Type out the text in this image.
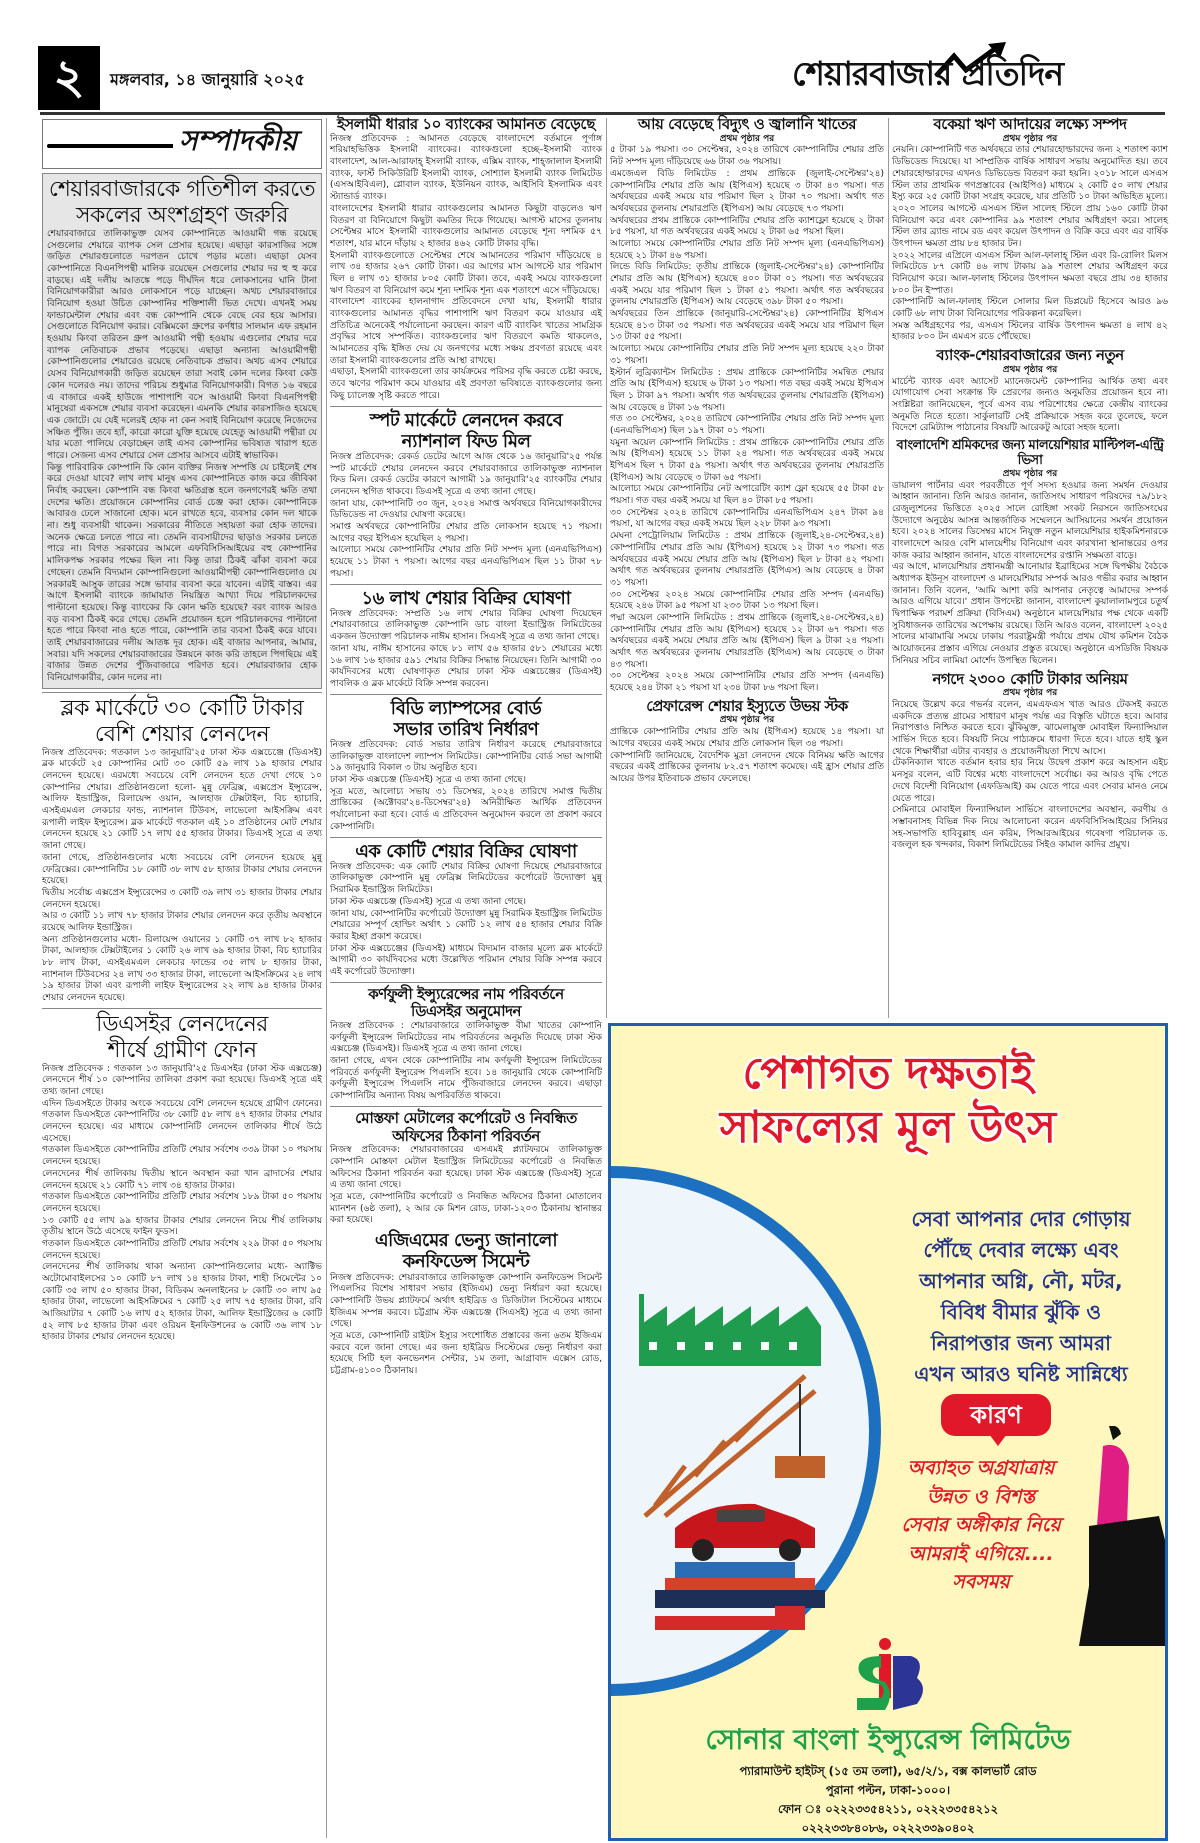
২	মঙ্গলবার, ১৪ জানুয়ারি ২০২৫	শেয়ারবাজার প্রতিদিন
সম্পাদকীয়
শেয়ারবাজারকে গতিশীল করতে
সকলের অংশগ্রহণ জরুরি

শেয়ারবাজারে তালিকাভুক্ত যেসব কোম্পানিতে আওয়ামী গন্ধ রয়েছে সেগুলোর শেয়ারে ব্যাপক সেল প্রেসার হয়েছে। এছাড়া কারসাজির সঙ্গে জড়িত শেয়ারগুলোতে দরপতন চোখে পড়ার মতো। এছাড়া যেসব কোম্পানিতে বিএনপিপন্থী মালিক রয়েছেন সেগুলোর শেয়ার দর হু হু করে বাড়ছে। এই দলীয় আতঙ্কে পড়ে দীর্ঘদিন ধরে লোকসানের ঘানি টানা বিনিয়োগকারীরা আরও লোকসানে পড়ে যাচ্ছেন। অথচ শেয়ারবাজারে বিনিয়োগ হওয়া উচিত কোম্পানির শক্তিশালী ভিত দেখে। এখনই সময় ফান্ডামেন্টাল শেয়ার এবং বন্ধ কোম্পানি থেকে বেছে বের হয়ে আসার। সেগুলোতে বিনিয়োগ করার। বেক্সিমকো গ্রুপের কর্ণধার সালমান এফ রহমান হওয়ায় কিংবা তরিতন গ্রুপ আওয়ামী পন্থী হওয়ায় এগুলোর শেয়ার দরে ব্যাপক নেতিবাচক প্রভাব পড়েছে। এছাড়া অন্যান্য আওয়ামীপন্থী কোম্পানিগুলোর শেয়ারেও রয়েছে নেতিবাচক প্রভাব। অথচ এসব শেয়ারে যেসব বিনিয়োগকারী জড়িত রয়েছেন তারা সবাই কোন দলের কিংবা কেউ কোন দলেরও নয়। তাদের পরিচয় শুধুমাত্র বিনিয়োগকারী। বিগত ১৬ বছরে এ বাজারে একই হাউজে পাশাপাশি বসে আওয়ামী কিংবা বিএনপিপন্থী মানুষেরা একসঙ্গে শেয়ার ব্যবসা করেছেন। এমনকি শেয়ার কারসাজিও হয়েছে এক জোটে। যে যেই দলেরই হোক না কেন সবাই বিনিয়োগ করেছে নিজেদের সঞ্চিত পুঁজি। তবে হ্যাঁ, কারো কারো যুক্তি হয়েছে যেহেতু আওয়ামী পন্থীরা যে যার মতো পালিয়ে বেড়াচ্ছেন তাই এসব কোম্পানির ভবিষ্যত খারাপ হতে পারে। সেজন্য এসব শেয়ারে সেল প্রেসার আসবে এটাই স্বাভাবিক।

কিন্তু পারিবারিক কোম্পানি কি কোন ব্যক্তির নিজস্ব সম্পত্তি যে চাইলেই শেষ করে দেওয়া যাবে? লাখ লাখ মানুষ এসব কোম্পানিতে কাজ করে জীবিকা নির্বাহ করছেন। কোম্পানি বন্ধ কিংবা ক্ষতিগ্রস্ত হলে জনগণেরই ক্ষতি তথা দেশের ক্ষতি। প্রয়োজনে কোম্পানির বোর্ড চেঞ্জ করা হোক। কোম্পানিকে আবারও ঢেলে সাজানো হোক। মনে রাখতে হবে, ব্যবসার কোন দল থাকে না। শুধু ব্যবসায়ী থাকেন। সরকারের নীতিতে সহায়তা করা হোক তাদের। অনেক ক্ষেত্রে চলতে পারে না। তেমনি ব্যবসায়ীদের ছাড়াও সরকার চলতে পারে না। বিগত সরকারের আমলে এফবিসিসিআইয়ের বহু কোম্পানির মালিকপক্ষ সরকার পক্ষের ছিল না। কিন্তু তারা ঠিকই ঝাঁকা ব্যবসা করে গেছেন। তেমনি বিদ্যমান কোম্পানিগুলো আওয়ামীপন্থী কোম্পানিগুলোও যে সরকারই আসুক তারের সঙ্গে ভাবার ব্যবসা করে যাবেন। এটাই বাস্তব। এর আগে ইসলামী ব্যাংকে জামায়াত নিয়ন্ত্রিত আখ্যা দিয়ে পরিচালকদের পাল্টানো হয়েছে। কিন্তু ব্যাংকের কি কোন ক্ষতি হয়েছে? বরং ব্যাংক আরও বড় ব্যবসা ঠিকই করে গেছে। তেমনি প্রয়োজন হলে পরিচালকদের পাল্টানো হতে পারে কিংবা নাও হতে পারে, কোম্পানি তার ব্যবসা ঠিকই করে যাবে। তাই শেয়ারবাজারের দলীয় আতঙ্ক দূর হোক। এই বাজার আপনার, আমার, সবার। যদি সকলের শেয়ারবাজারের উন্নয়নে কাজ করি তাহলে পিগছিয়ে এই বাজার উন্নত দেশের পুঁজিবাজারে পরিণত হবে। শেয়ারবাজার হোক বিনিয়োগকারীর, কোন দলের না।

ব্লক মার্কেটে ৩০ কোটি টাকার
বেশি শেয়ার লেনদেন

নিজস্ব প্রতিবেদক: গতকাল ১৩ জানুয়ারি'২৫ ঢাকা স্টক এক্সচেঞ্জে (ডিএসই) ব্লক মার্কেটে ২৫ কোম্পানির মোট ৩০ কোটি ৫৯ লাখ ১৯ হাজার শেয়ার লেনদেন হয়েছে। এরমধ্যে সবচেয়ে বেশি লেনদেন হতে দেখা গেছে ১০ কোম্পানির শেয়ার। প্রতিষ্ঠানগুলো হলো- মুন্নু ফেব্রিক্স, এক্সপ্রেস ইন্স্যুরেন্স, আলিফ ইন্ডাস্ট্রিজ, রিলায়েন্স ওয়ান, আলহাজ টেক্সটাইল, বিচ হ্যাচারি, এসইএমএল লেকচার ফান্ড, ন্যাশনাল টিউবস, লাভেলো আইসক্রিম এবং রূপালী লাইফ ইন্স্যুরেন্স। ব্লক মার্কেটে গতকাল এই ১০ প্রতিষ্ঠানের মোট শেয়ার লেনদেন হয়েছে ২১ কোটি ১৭ লাখ ৫৫ হাজার টাকার। ডিএসই সূত্রে এ তথ্য জানা গেছে।

জানা গেছে, প্রতিষ্ঠানগুলোর মধ্যে সবচেয়ে বেশি লেনদেন হয়েছে মুন্নু ফেব্রিক্সের। কোম্পানিটির ১৮ কোটি ৩৮ লাখ ৫৮ হাজার টাকার শেয়ার লেনদেন হয়েছে।

দ্বিতীয় সর্বোচ্চ এক্সপ্রেস ইন্স্যুরেন্সের ৩ কোটি ৩৯ লাখ ৩১ হাজার টাকার শেয়ার লেনদেন হয়েছে।

আর ৩ কোটি ১১ লাখ ৭৮ হাজার টাকার শেয়ার লেনদেন করে তৃতীয় অবস্থানে রয়েছে আলিফ ইন্ডাস্ট্রিজ।

অন্য প্রতিষ্ঠানগুলোর মধ্যে- রিলায়েন্স ওয়ানের ১ কোটি ৩৭ লাখ ৮২ হাজার টাকা, আলহাজ টেক্সটাইলের ১ কোটি ২৬ লাখ ৬৯ হাজার টাকা, বিচ হ্যাচারির ৮৮ লাখ টাকা, এসইএমএল লেকচার ফান্ডের ৩৫ লাখ ৮ হাজার টাকা, ন্যাশনাল টিউবসের ২৪ লাখ ৩৩ হাজার টাকা, লাভেলো আইসক্রিমের ২৪ লাখ ১৯ হাজার টাকা এবং রূপালী লাইফ ইন্স্যুরেন্সের ২২ লাখ ৯৪ হাজার টাকার শেয়ার লেনদেন হয়েছে।

ডিএসইর লেনদেনের
শীর্ষে গ্রামীণ ফোন

নিজস্ব প্রতিবেদক : গতকাল ১৩ জানুয়ারি'২৫ ডিএসইর (ঢাকা স্টক এক্সচেঞ্জ) লেনদেনে শীর্ষ ১০ কোম্পানির তালিকা প্রকাশ করা হয়েছে। ডিএসই সূত্রে এই তথ্য জানা গেছে।

এদিন ডিএসইতে টাকার অংকে সবচেয়ে বেশি লেনদেন হয়েছে গ্রামীণ ফোনের। গতকাল ডিএসইতে কোম্পানিটির ৩৮ কোটি ৫৮ লাখ ৪৭ হাজার টাকার শেয়ার লেনদেন হয়েছে। এর মাধ্যমে কোম্পানিটি লেনদেন তালিকার শীর্ষে উঠে এসেছে।

গতকাল ডিএসইতে কোম্পানিটির প্রতিটি শেয়ার সর্বশেষ ৩৩৯ টাকা ১০ পয়সায় লেনদেন হয়েছে।

লেনদেনের শীর্ষ তালিকায় দ্বিতীয় স্থানে অবস্থান করা খান ব্রাদার্সের শেয়ার লেনদেন হয়েছে ২১ কোটি ৭১ লাখ ৩৪ হাজার টাকার।

গতকাল ডিএসইতে কোম্পানিটির প্রতিটি শেয়ার সর্বশেষ ১৮৯ টাকা ৫০ পয়সায় লেনদেন হয়েছে।

১৩ কোটি ৫৫ লাখ ৯৯ হাজার টাকার শেয়ার লেনদেন নিয়ে শীর্ষ তালিকায় তৃতীয় স্থানে উঠে এসেছে ফাইন ফুডস।

গতকাল ডিএসইতে কোম্পানিটির প্রতিটি শেয়ার সর্বশেষ ২২৯ টাকা ৫০ পয়সায় লেনদেন হয়েছে।

লেনদেনের শীর্ষ তালিকায় থাকা অন্যান্য কোম্পানিগুলোর মধ্যে- অ্যাক্টিভ অটোমোবাইলসের ১০ কোটি ৮৭ লাখ ১৪ হাজার টাকা, শাহী সিমেন্টের ১০ কোটি ৩৫ লাখ ৫০ হাজার টাকা, বিডিকম অনলাইনের ৮ কোটি ৩০ লাখ ৯৫ হাজার টাকা, লাভেলো আইসক্রিমের ৭ কোটি ২৫ লাখ ৭৫ হাজার টাকা, রবি আজিয়াটার ৭ কোটি ১৬ লাখ ৫২ হাজার টাকা, আলিফ ইন্ডাস্ট্রিজের ৬ কোটি ৫২ লাখ ৮৫ হাজার টাকা এবং ওরিয়ন ইনফিউশনের ৬ কোটি ৩৬ লাখ ১৮ হাজার টাকার শেয়ার লেনদেন হয়েছে।

ইসলামী ধারার ১০ ব্যাংকের আমানত বেড়েছে

নিজস্ব প্রতিবেদক : আমানত বেড়েছে বাংলাদেশে বর্তমানে পূর্ণাঙ্গ শরিয়াহভিত্তিক ইসলামী ব্যাংকের। ব্যাংকগুলো হচ্ছে–ইসলামী ব্যাংক বাংলাদেশ, আল-আরাফাহ্ ইসলামী ব্যাংক, এক্সিম ব্যাংক, শাহ্জালাল ইসলামী ব্যাংক, ফার্স্ট সিকিউরিটি ইসলামী ব্যাংক, সোশ্যাল ইসলামী ব্যাংক লিমিটেড (এসআইবিএল), গ্লোবাল ব্যাংক, ইউনিয়ন ব্যাংক, আইসিবি ইসলামিক এবং স্ট্যান্ডার্ড ব্যাংক।

বাংলাদেশের ইসলামী ধারার ব্যাংকগুলোর আমানত কিছুটা বাড়লেও ঋণ বিতরণ বা বিনিয়োগে কিছুটা কমতির দিকে গিয়েছে। আগস্ট মাসের তুলনায় সেপ্টেম্বর মাসে ইসলামী ব্যাংকগুলোর আমানত বেড়েছে শূন্য দশমিক ৫৭ শতাংশ, যার মানে দাঁড়ায় ২ হাজার ৪৬২ কোটি টাকার বৃদ্ধি।

ইসলামী ব্যাংকগুলোতে সেপ্টেম্বর শেষে আমানতের পরিমাণ দাঁড়িয়েছে ৪ লাখ ৩৪ হাজার ২৬৭ কোটি টাকা। এর আগের মাস আগস্টে যার পরিমাণ ছিল ৪ লাখ ৩১ হাজার ৮০৫ কোটি টাকা। তবে, একই সময়ে ব্যাংকগুলো ঋণ বিতরণ বা বিনিয়োগ কমে শূন্য দশমিক শূন্য এক শতাংশে এসে দাঁড়িয়েছে।

বাংলাদেশ ব্যাংকের হালনাগাদ প্রতিবেদনে দেখা যায়, ইসলামী ধারার ব্যাংকগুলোর আমানত বৃদ্ধির পাশাপাশি ঋণ বিতরণ কমে যাওয়ার এই প্রতিচিত্র অনেকেই পর্যালোচনা করছেন। কারণ এটি ব্যাংকিং খাতের সামগ্রিক প্রবৃদ্ধির সাথে সম্পর্কিত। ব্যাংকগুলোর ঋণ বিতরণে কমতি থাকলেও, আমানতের বৃদ্ধি ইঙ্গিত দেয় যে জনগণের মধ্যে সঞ্চয় প্রবণতা রয়েছে এবং তারা ইসলামী ব্যাংকগুলোর প্রতি আস্থা রাখছে।

এছাড়া, ইসলামী ব্যাংকগুলো তার কার্যক্রমের পরিসর বৃদ্ধি করতে চেষ্টা করছে, তবে ঋণের পরিমাণ কমে যাওয়ার এই প্রবণতা ভবিষ্যতে ব্যাংকগুলোর জন্য কিছু চ্যালেঞ্জ সৃষ্টি করতে পারে।

স্পট মার্কেটে লেনদেন করবে
ন্যাশনাল ফিড মিল

নিজস্ব প্রতিবেদক: রেকর্ড ডেটের আগে আজ থেকে ১৬ জানুয়ারি'২৫ পর্যন্ত স্পট মার্কেটে শেয়ার লেনদেন করবে শেয়ারবাজারে তালিকাভুক্ত ন্যাশনাল ফিড মিল। রেকর্ড ডেটের কারণে আগামী ১৯ জানুয়ারি'২৫ ব্যাংকটির শেয়ার লেনদেন স্থগিত থাকবে। ডিএসই সূত্রে এ তথ্য জানা গেছে।

জানা যায়, কোম্পানিটি ৩০ জুন, ২০২৪ সমাপ্ত অর্থবছরে বিনিয়োগকারীদের ডিভিডেন্ড না দেওয়ার ঘোষণা করেছে।

সমাপ্ত অর্থবছরে কোম্পানিটির শেয়ার প্রতি লোকসান হয়েছে ৭১ পয়সা। আগের বছর ইপিএস হয়েছিল ২ পয়সা।

আলোচ্য সময়ে কোম্পানিটির শেয়ার প্রতি নিট সম্পদ মূল্য (এনএভিপিএস) হয়েছে ১১ টাকা ৭ পয়সা। আগের বছর এনএভিপিএস ছিল ১১ টাকা ৭৮ পয়সা।

১৬ লাখ শেয়ার বিক্রির ঘোষণা

নিজস্ব প্রতিবেদক: সম্প্রতি ১৬ লাখ শেয়ার বিক্রির ঘোষণা দিয়েছেন শেয়ারবাজারে তালিকাভুক্ত কোম্পানি ডাচ বাংলা ইন্ডাস্ট্রিজ লিমিটেডের একজন উদ্যোক্তা পরিচালক নাঈম হাসান। সিএসই সূত্রে এ তথ্য জানা গেছে।

জানা যায়, নাঈম হাসানের কাছে ৮১ লাখ ৫৬ হাজার ৫৮১ শেয়ারের মধ্যে ১৬ লাখ ১৬ হাজার ৫৯১ শেয়ার বিক্রির সিদ্ধান্ত নিয়েছেন। তিনি আগামী ৩০ কার্যদিবসের মধ্যে ঘোষণাকৃত শেয়ার ঢাকা স্টক এক্সচেঞ্জের (ডিএসই) পাবলিক ও ব্লক মার্কেটে বিক্রি সম্পন্ন করবেন।

বিডি ল্যাম্পসের বোর্ড
সভার তারিখ নির্ধারণ

নিজস্ব প্রতিবেদক: বোর্ড সভার তারিখ নির্ধারণ করেছে শেয়ারবাজারে তালিকাভুক্ত বাংলাদেশ ল্যাম্পস লিমিটেড। কোম্পানিটির বোর্ড সভা আগামী ১৯ জানুয়ারি বিকাল ৩ টায় অনুষ্ঠিত হবে।

ঢাকা স্টক এক্সচেঞ্জ (ডিএসই) সূত্রে এ তথ্য জানা গেছে।

সূত্র মতে, আলোচ্য সভায় ৩১ ডিসেম্বর, ২০২৪ তারিখে সমাপ্ত দ্বিতীয় প্রান্তিকের (অক্টোবর'২৪-ডিসেম্বর'২৪) অনিরীক্ষিত আর্থিক প্রতিবেদন পর্যালোচনা করা হবে। বোর্ড এ প্রতিবেদন অনুমোদন করলে তা প্রকাশ করবে কোম্পানিটি।

এক কোটি শেয়ার বিক্রির ঘোষণা

নিজস্ব প্রতিবেদক: এক কোটি শেয়ার বিক্রির ঘোষণা দিয়েছে শেয়ারবাজারে তালিকাভুক্ত কোম্পানি মুন্নু ফেব্রিক্স লিমিটেডের কর্পোরেট উদ্যোক্তা মুন্নু সিরামিক ইন্ডাস্ট্রিজ লিমিটেড।

ঢাকা স্টক এক্সচেঞ্জ (ডিএসই) সূত্রে এ তথ্য জানা গেছে।

জানা যায়, কোম্পানিটির কর্পোরেট উদ্যোক্তা মুন্নু সিরামিক ইন্ডাস্ট্রিজ লিমিটেড শেয়ারের সম্পূর্ণ হোল্ডিং অর্থাৎ ১ কোটি ১২ লাখ ৫৪ হাজার শেয়ার বিক্রি করার ইচ্ছা প্রকাশ করেছে।

ঢাকা স্টক এক্সচেঞ্জের (ডিএসই) মাধ্যমে বিদ্যমান বাজার মূল্যে ব্লক মার্কেটে আগামী ৩০ কার্যদিবসের মধ্যে উল্লেখিত পরিমান শেয়ার বিক্রি সম্পন্ন করবে এই কর্পোরেট উদ্যোক্তা।

কর্ণফুলী ইন্স্যুরেন্সের নাম পরিবর্তনে
ডিএসইর অনুমোদন

নিজস্ব প্রতিবেদক : শেয়ারবাজারে তালিকাভুক্ত বীমা খাতের কোম্পানি কর্ণফুলী ইন্স্যুরেন্স লিমিটেডের নাম পরিবর্তনের অনুমতি দিয়েছে ঢাকা স্টক এক্সচেঞ্জ (ডিএসই)। ডিএসই সূত্রে এ তথ্য জানা গেছে।

জানা গেছে, এখন থেকে কোম্পানিটির নাম কর্ণফুলী ইন্স্যুরেন্স লিমিটেডের পরিবর্তে কর্ণফুলী ইন্স্যুরেন্স পিএলসি হবে। ১৪ জানুয়ারি থেকে কোম্পানিটি কর্ণফুলী ইন্স্যুরেন্স পিএলসি নামে পুঁজিবাজারে লেনদেন করবে। এছাড়া কোম্পানিটির অন্যান্য বিষয় অপরিবর্তিত থাকবে।

মোস্তফা মেটালের কর্পোরেট ও নিবন্ধিত
অফিসের ঠিকানা পরিবর্তন

নিজস্ব প্রতিবেদক: শেয়ারবাজারের এসএমই প্ল্যাটফরমে তালিকাভুক্ত কোম্পানি মোস্তফা মেটাল ইন্ডাস্ট্রিজ লিমিটেডের কর্পোরেট ও নিবন্ধিত অফিসের ঠিকানা পরিবর্তন করা হয়েছে। ঢাকা স্টক এক্সচেঞ্জ (ডিএসই) সূত্রে এ তথ্য জানা গেছে।

সূত্র মতে, কোম্পানিটির কর্পোরেট ও নিবন্ধিত অফিসের ঠিকানা মোতালেব ম্যানশন (৬ষ্ঠ তলা), ২ আর কে মিশন রোড, ঢাকা-১২০৩ ঠিকানায় স্থানান্তর করা হয়েছে।

এজিএমের ভেন্যু জানালো
কনফিডেন্স সিমেন্ট

নিজস্ব প্রতিবেদক: শেয়ারবাজারে তালিকাভুক্ত কোম্পানি কনফিডেন্স সিমেন্ট পিএলসির বিশেষ সাধারণ সভার (ইজিএম) ভেন্যু নির্ধারণ করা হয়েছে। কোম্পানিটি উভয় প্ল্যাটফর্মে অর্থাৎ হাইব্রিড ও ডিজিটাল সিস্টেমের মাধ্যমে ইজিএম সম্পন্ন করবে। চট্টগ্রাম স্টক এক্সচেঞ্জ (সিএসই) সূত্রে এ তথ্য জানা গেছে।

সূত্র মতে, কোম্পানিটি রাইটস ইস্যুর সংশোধিত প্রস্তাবের জন্য ৬তম ইজিএম করবে বলে জানা গেছে। এর জন্য হাইব্রিড সিস্টেমের ভেন্যু নির্ধারণ করা হয়েছে সিটি হল কনভেনশন সেন্টার, ১ম তলা, আগ্রাবাদ এক্সেস রোড, চট্টগ্রাম-৪১০০ ঠিকানায়।

আয় বেড়েছে বিদ্যুৎ ও জ্বালানি খাতের
প্রথম পৃষ্ঠার পর

৫ টাকা ১৯ পয়সা। ৩০ সেপ্টেম্বর, ২০২৪ তারিখে কোম্পানিটির শেয়ার প্রতি নিট সম্পদ মূল্য দাঁড়িয়েছে ৬৬ টাকা ৩৬ পয়সায়।

এমজেএল বিডি লিমিটেড : প্রথম প্রান্তিকে (জুলাই-সেপ্টেম্বর'২৪) কোম্পানিটির শেয়ার প্রতি আয় (ইপিএস) হয়েছে ৩ টাকা ৪৩ পয়সা। গত অর্থবছরের একই সময়ে যার পরিমাণ ছিল ২ টাকা ৭০ পয়সা। অর্থাৎ গত অর্থবছরের তুলনায় শেয়ারপ্রতি (ইপিএস) আয় বেড়েছে ৭৩ পয়সা।

অর্থবছরের প্রথম প্রান্তিকে কোম্পানিটির শেয়ার প্রতি ক্যাশফ্লো হয়েছে ২ টাকা ৮৫ পয়সা, যা গত অর্থবছরের একই সময়ে ২ টাকা ৬৫ পয়সা ছিল।

আলোচ্য সময়ে কোম্পানিটির শেয়ার প্রতি নিট সম্পদ মূল্য (এনএভিপিএস) হয়েছে ২১ টাকা ৪৬ পয়সা।

লিন্ডে বিডি লিমিটেড: তৃতীয় প্রান্তিকে (জুলাই-সেপ্টেম্বর'২৪) কোম্পানিটির শেয়ার প্রতি আয় (ইপিএস) হয়েছে ৪০০ টাকা ০১ পয়সা। গত অর্থবছরের একই সময়ে যার পরিমাণ ছিল ১ টাকা ৫১ পয়সা। অর্থাৎ গত অর্থবছরের তুলনায় শেয়ারপ্রতি (ইপিএস) আয় বেড়েছে ৩৯৮ টাকা ৫০ পয়সা।

অর্থবছরের তিন প্রান্তিকে (জানুয়ারি-সেপ্টেম্বর'২৪) কোম্পানিটির ইপিএস হয়েছে ৪১৩ টাকা ৩৫ পয়সা। গত অর্থবছরের একই সময়ে যার পরিমাণ ছিল ১৩ টাকা ৫৫ পয়সা।

আলোচ্য সময়ে কোম্পানিটির শেয়ার প্রতি নিট সম্পদ মূল্য হয়েছে ২২০ টাকা ৩১ পয়সা।

ইস্টার্ন লুব্রিক্যান্টস লিমিটেড : প্রথম প্রান্তিকে কোম্পানিটির সমন্বিত শেয়ার প্রতি আয় (ইপিএস) হয়েছে ৬ টাকা ১৩ পয়সা। গত বছর একই সময়ে ইপিএস ছিল ১ টাকা ৯৭ পয়সা। অর্থাৎ গত অর্থবছরের তুলনায় শেয়ারপ্রতি (ইপিএস) আয় বেড়েছে ৪ টাকা ১৬ পয়সা।

গত ৩০ সেপ্টেম্বর, ২০২৪ তারিখে কোম্পানিটির শেয়ার প্রতি নিট সম্পদ মূল্য (এনএভিপিএস) ছিল ১৯৭ টাকা ০১ পয়সা।

যমুনা অয়েল কোম্পানি লিমিটেড : প্রথম প্রান্তিকে কোম্পানিটির শেয়ার প্রতি আয় (ইপিএস) হয়েছে ১১ টাকা ২৪ পয়সা। গত অর্থবছরের একই সময়ে ইপিএস ছিল ৭ টাকা ৫৯ পয়সা। অর্থাৎ গত অর্থবছরের তুলনায় শেয়ারপ্রতি (ইপিএস) আয় বেড়েছে ৩ টাকা ৬৫ পয়সা।

আলোচ্য সময়ে কোম্পানিটির নেট অপারেটিং ক্যাশ ফ্লো হয়েছে ৫৫ টাকা ৫৮ পয়সা। গত বছর একই সময়ে যা ছিল ৪০ টাকা ৮৫ পয়সা।

৩০ সেপ্টেম্বর ২০২৪ তারিখে কোম্পানিটির এনএভিপিএস ২৪৭ টাকা ৯৪ পয়সা, যা আগের বছর একই সময়ে ছিল ২২৮ টাকা ৯৩ পয়সা।

মেঘনা পেট্রোলিয়াম লিমিটেড : প্রথম প্রান্তিকে (জুলাই,২৪-সেপ্টেম্বর,২৪) কোম্পানিটির শেয়ার প্রতি আয় (ইপিএস) হয়েছে ১২ টাকা ৭৩ পয়সা। গত অর্থবছরের একই সময়ে শেয়ার প্রতি আয় (ইপিএস) ছিল ৮ টাকা ৪২ পয়সা। অর্থাৎ গত অর্থবছরের তুলনায় শেয়ারপ্রতি (ইপিএস) আয় বেড়েছে ৪ টাকা ৩১ পয়সা।

৩০ সেপ্টেম্বর ২০২৪ সময়ে কোম্পানিটির শেয়ার প্রতি সম্পদ (এনএভি) হয়েছে ২৪৬ টাকা ৯৫ পয়সা যা ২৩৩ টাকা ১৩ পয়সা ছিল।

পদ্মা অয়েল কোম্পানি লিমিটেড : প্রথম প্রান্তিকে (জুলাই,২৪-সেপ্টেম্বর,২৪) কোম্পানিটির শেয়ার প্রতি আয় (ইপিএস) হয়েছে ১২ টাকা ৬৭ পয়সা। গত অর্থবছরের একই সময়ে শেয়ার প্রতি আয় (ইপিএস) ছিল ৯ টাকা ২৪ পয়সা। অর্থাৎ গত অর্থবছরের তুলনায় শেয়ারপ্রতি (ইপিএস) আয় বেড়েছে ৩ টাকা ৪৩ পয়সা।

৩০ সেপ্টেম্বর ২০২৪ সময়ে কোম্পানিটির শেয়ার প্রতি সম্পদ (এনএভি) হয়েছে ২৪৪ টাকা ২১ পয়সা যা ২৩৪ টাকা ৮৬ পয়সা ছিল।

প্রেফারেন্স শেয়ার ইস্যুতে উভয় স্টক
প্রথম পৃষ্ঠার পর

প্রান্তিকে কোম্পানিটির শেয়ার প্রতি আয় (ইপিএস) হয়েছে ১৪ পয়সা। যা আগের বছরের একই সময়ে শেয়ার প্রতি লোকসান ছিল ৩৪ পয়সা।

কোম্পানিটি জানিয়েছে, বৈদেশিক মুদ্রা লেনদেন থেকে বিনিময় ক্ষতি আগের বছরের একই প্রান্তিকের তুলনায় ৮২.৫৭ শতাংশ কমেছে। এই হ্রাস শেয়ার প্রতি আয়ের উপর ইতিবাচক প্রভাব ফেলেছে।

বকেয়া ঋণ আদায়ের লক্ষ্যে সম্পদ
প্রথম পৃষ্ঠার পর

নেয়নি। কোম্পানিটি গত অর্থবছরে তার শেয়ারহোল্ডারদের জন্য ২ শতাংশ ক্যাশ ডিভিডেন্ড দিয়েছে। যা সাম্প্রতিক বার্ষিক সাধারণ সভায় অনুমোদিত হয়। তবে শেয়ারহোল্ডারদের এখনও ডিভিডেন্ড বিতরণ করা হয়নি। ২০১৮ সালে এসএস স্টিল তার প্রাথমিক গণপ্রস্তাবের (আইপিও) মাধ্যমে ২ কোটি ৫০ লাখ শেয়ার ইস্যু করে ২৫ কোটি টাকা সংগ্রহ করেছে, যার প্রতিটি ১০ টাকা অভিহিত মূল্যে।

২০২০ সালের আগস্টে এসএস স্টিল সালেহ স্টিলে প্রায় ১৬০ কোটি টাকা বিনিয়োগ করে এবং কোম্পানির ৯৯ শতাংশ শেয়ার অধিগ্রহণ করে। সালেহ স্টিল তার ব্র্যান্ড নামে রড এবং কয়েল উৎপাদন ও বিক্রি করে এবং এর বার্ষিক উৎপাদন ক্ষমতা প্রায় ৮৪ হাজার টন।

২০২২ সালের এপ্রিলে এসএস স্টিল আল-ফালাহ্ স্টিল এবং রি-রোলিং মিলস লিমিটেডে ৮৭ কোটি ৪৬ লাখ টাকায় ৯৯ শতাংশ শেয়ার অধিগ্রহণ করে বিনিয়োগ করে। আল-ফালাহ স্টিলের উৎপাদন ক্ষমতা বছরে প্রায় ৩৪ হাজার ৮০০ টন ইস্পাত।

কোম্পানিটি আল-ফালাহ স্টিলে সোলার মিল ডিপ্লয়েট হিসেবে আরও ৯৬ কোটি ৬৮ লাখ টাকা বিনিয়োগের পরিকল্পনা করেছিল।

সমস্ত অধিগ্রহণের পর, এসএস স্টিলের বার্ষিক উৎপাদন ক্ষমতা ৪ লাখ ৪২ হাজার ৮০০ টন এমএস রডে পৌঁছেছে।

ব্যাংক-শেয়ারবাজারের জন্য নতুন
প্রথম পৃষ্ঠার পর

মার্চেন্ট ব্যাংক এবং অ্যাসেট ম্যানেজমেন্ট কোম্পানির আর্থিক তথ্য এবং যোগাযোগ সেবা সংক্রান্ত ফি প্রেরণের জন্যও অনুমতির প্রয়োজন হবে না। সংশ্লিষ্টরা জানিয়েছেন, পূর্বে এসব ব্যয় পরিশোধের ক্ষেত্রে কেন্দ্রীয় ব্যাংকের অনুমতি নিতে হতো। সার্কুলারটি সেই প্রক্রিয়াকে সহজ করে তুলেছে, ফলে বিদেশে রেমিট্যান্স পাঠানোর বিষয়টি আরেকটু আরো সহজ হলো।

বাংলাদেশি শ্রমিকদের জন্য মালয়েশিয়ার মাল্টিপল-এন্ট্রি ভিসা
প্রথম পৃষ্ঠার পর

ডায়ালগ পার্টনার এবং পরবর্তীতে পূর্ণ সদস্য হওয়ার জন্য সমর্থন দেওয়ার আহ্বান জানান। তিনি আরও জানান, জাতিসংঘ সাধারণ পরিষদের ৭৯/১৮২ রেজুল্যুশনের ভিত্তিতে ২০২৫ সালে রোহিঙ্গা সংকট নিরসনে জাতিসংঘের উদ্যোগে অনুষ্ঠেয় আসন্ন আন্তর্জাতিক সম্মেলনে আসিয়ানের সমর্থন প্রয়োজন হবে। ২০২৪ সালের ডিসেম্বর মাসে নিযুক্ত নতুন মালয়েশিয়ার হাইকমিশনারকে বাংলাদেশে আরও বেশি মালয়েশীয় বিনিয়োগ এবং কারখানা স্থানান্তরের ওপর কাজ করার আহ্বান জানান, যাতে বাংলাদেশের রপ্তানি সক্ষমতা বাড়ে।

এর আগে, মালয়েশিয়ার প্রধানমন্ত্রী আনোয়ার ইব্রাহিমের সঙ্গে দ্বিপক্ষীয় বৈঠকে অধ্যাপক ইউনূস বাংলাদেশ ও মালয়েশিয়ার সম্পর্ক আরও গভীর করার আহ্বান জানান। তিনি বলেন, 'আমি আশা করি আপনার নেতৃত্বে আমাদের সম্পর্ক আরও এগিয়ে যাবে।' প্রধান উপদেষ্টা জানান, বাংলাদেশ কুয়ালালামপুরে চতুর্থ দ্বিপাক্ষিক পরামর্শ প্রক্রিয়া (বিসিএম) অনুষ্ঠানে মালয়েশিয়ার পক্ষ থেকে একটি সুবিধাজনক তারিখের অপেক্ষায় রয়েছে। তিনি আরও বলেন, বাংলাদেশ ২০২৫ সালের মাঝামাঝি সময়ে ঢাকায় পররাষ্ট্রমন্ত্রী পর্যায়ে প্রথম যৌথ কমিশন বৈঠক আয়োজনের প্রস্তাব এগিয়ে নেওয়ার প্রস্তুত রয়েছে। অনুষ্ঠানে এসডিজি বিষয়ক সিনিয়র সচিব লামিয়া মোর্শেদ উপস্থিত ছিলেন।

নগদে ২৩০০ কোটি টাকার অনিয়ম
প্রথম পৃষ্ঠার পর

নিয়েছে উল্লেখ করে গভর্নর বলেন, এমএফএস খাত আরও টেকসই করতে একদিকে প্রত্যন্ত গ্রামের সাধারণ মানুষ পর্যন্ত এর বিস্তৃতি ঘটাতে হবে। আবার নিরাপত্তাও নিশ্চিত করতে হবে। ঝুঁকিমুক্ত, ঝামেলামুক্ত মোবাইল ফিন্যান্সিয়াল সার্ভিস দিতে হবে। বিষয়টি নিয়ে পাঠ্যক্রমে ধারণা দিতে হবে। যাতে হাই স্কুল থেকে শিক্ষার্থীরা এটার ব্যবহার ও প্রয়োজনীয়তা শিখে আসে।

টেকনিক্যাল খাতে বর্তমান হবার হার নিয়ে উদ্বেগ প্রকাশ করে আহসান এইচ মনসুর বলেন, এটি বিশ্বের মধ্যে বাংলাদেশে সর্বোচ্চ। কর আরও বৃদ্ধি পেতে দেখে বিদেশী বিনিয়োগ (এফডিআই) কম যেতে পারে এবং সেবার মানও নেমে যেতে পারে।

সেমিনারে মোবাইল ফিন্যান্সিয়াল সার্ভিসে বাংলাদেশের অবস্থান, করণীয় ও সম্ভাবনাসহ বিভিন্ন দিক নিয়ে আলোচনা করেন এফবিসিসিআইয়ের সিনিয়র সহ-সভাপতি হাবিবুল্লাহ এন করিম, পিআরআইয়ের গবেষণা পরিচালক ড. বজলুল হক খন্দকার, বিকাশ লিমিটেডের সিইও কামাল কাদির প্রমুখ।

পেশাগত দক্ষতাই
সাফল্যের মূল উৎস
সেবা আপনার দোর গোড়ায়
পৌঁছে দেবার লক্ষ্যে এবং
আপনার অগ্নি, নৌ, মটর,
বিবিধ বীমার ঝুঁকি ও
নিরাপত্তার জন্য আমরা
এখন আরও ঘনিষ্ট সান্নিধ্যে
কারণ
অব্যাহত অগ্রযাত্রায়
উন্নত ও বিশস্ত
সেবার অঙ্গীকার নিয়ে
আমরাই এগিয়ে....
সবসময়
সোনার বাংলা ইন্স্যুরেন্স লিমিটেড
প্যারামাউন্ট হাইটস্ (১৫ তম তলা), ৬৫/২/১, বক্স কালভার্ট রোড
পুরানা পল্টন, ঢাকা-১০০০।
ফোন ঃ ০২২২৩৩৫৪২১১, ০২২২৩৩৫৪২১২
০২২২৩৩৮৪০৮৬, ০২২২৩৩৯০৪০২
